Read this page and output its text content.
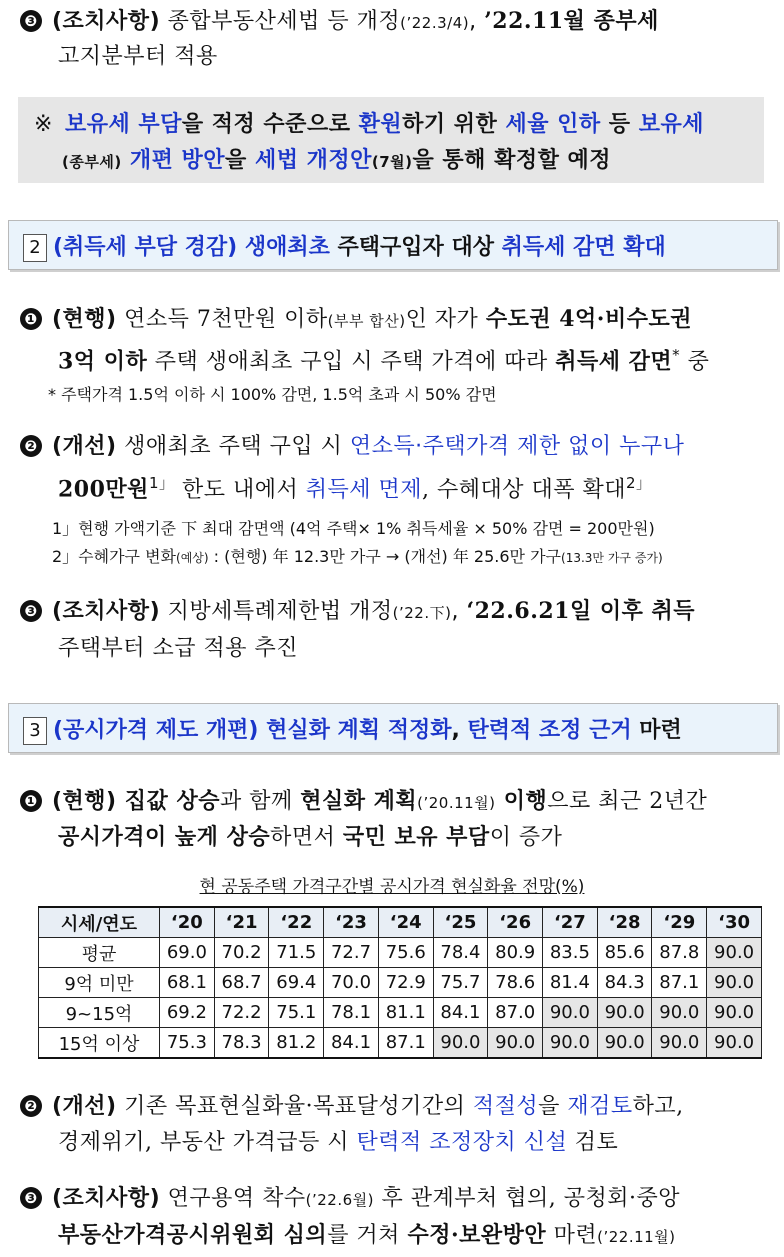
❸ (조치사항) 종합부동산세법 등 개정(’22.3/4), ’22.11월 종부세
고지분부터 적용
※ 보유세 부담을 적정 수준으로 환원하기 위한 세율 인하 등 보유세
(종부세) 개편 방안을 세법 개정안(7월)을 통해 확정할 예정
2 (취득세 부담 경감) 생애최초 주택구입자 대상 취득세 감면 확대
❶ (현행) 연소득 7천만원 이하(부부 합산)인 자가 수도권 4억·비수도권
3억 이하 주택 생애최초 구입 시 주택 가격에 따라 취득세 감면* 중
* 주택가격 1.5억 이하 시 100% 감면, 1.5억 초과 시 50% 감면
❷ (개선) 생애최초 주택 구입 시 연소득·주택가격 제한 없이 누구나
200만원$^{1」}$ 한도 내에서 취득세 면제, 수혜대상 대폭 확대$^{2」}$
1」현행 가액기준 下 최대 감면액 (4억 주택× 1% 취득세율 × 50% 감면 = 200만원)
2」수혜가구 변화(예상) : (현행) 年 12.3만 가구 → (개선) 年 25.6만 가구(13.3만 가구 증가)
❸ (조치사항) 지방세특례제한법 개정(’22.下), ‘22.6.21일 이후 취득
주택부터 소급 적용 추진
3 (공시가격 제도 개편) 현실화 계획 적정화, 탄력적 조정 근거 마련
❶ (현행) 집값 상승과 함께 현실화 계획(’20.11월) 이행으로 최근 2년간
공시가격이 높게 상승하면서 국민 보유 부담이 증가
현 공동주택 가격구간별 공시가격 현실화율 전망(%)
시세/연도	‘20	‘21	‘22	‘23	‘24	‘25	‘26	‘27	‘28	‘29	‘30
평균	69.0	70.2	71.5	72.7	75.6	78.4	80.9	83.5	85.6	87.8	90.0
9억 미만	68.1	68.7	69.4	70.0	72.9	75.7	78.6	81.4	84.3	87.1	90.0
9~15억	69.2	72.2	75.1	78.1	81.1	84.1	87.0	90.0	90.0	90.0	90.0
15억 이상	75.3	78.3	81.2	84.1	87.1	90.0	90.0	90.0	90.0	90.0	90.0
❷ (개선) 기존 목표현실화율·목표달성기간의 적절성을 재검토하고,
경제위기, 부동산 가격급등 시 탄력적 조정장치 신설 검토
❸ (조치사항) 연구용역 착수(’22.6월) 후 관계부처 협의, 공청회·중앙
부동산가격공시위원회 심의를 거쳐 수정·보완방안 마련(’22.11월)
